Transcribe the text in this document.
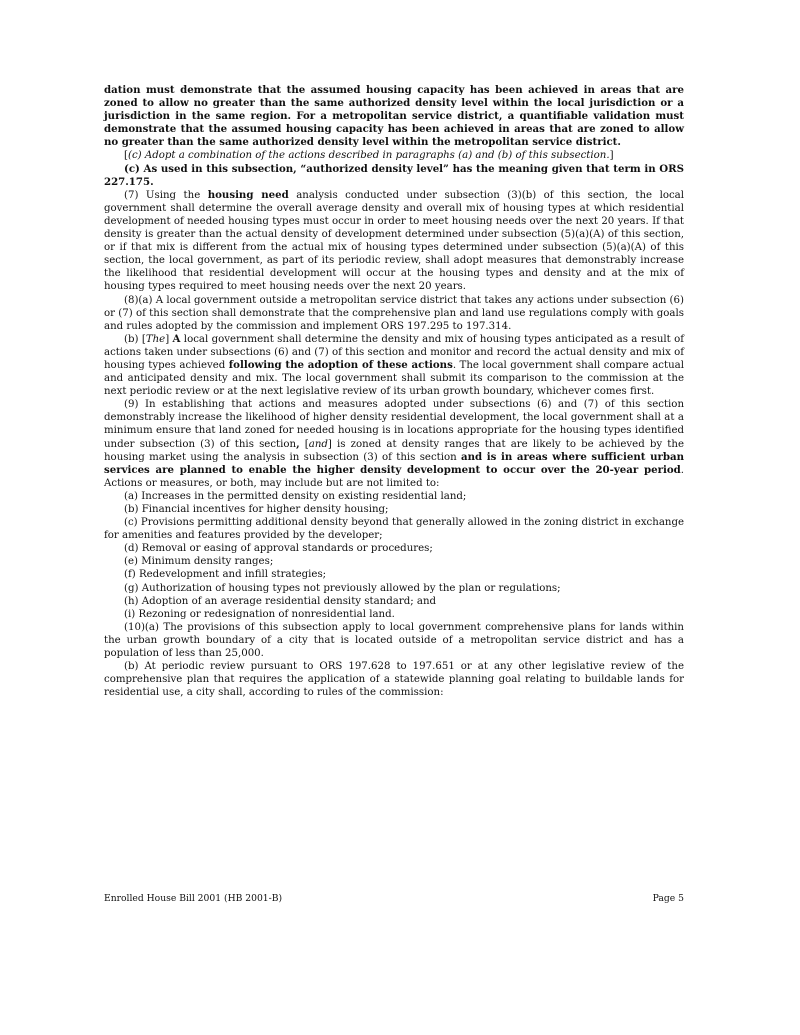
dation must demonstrate that the assumed housing capacity has been achieved in areas that are zoned to allow no greater than the same authorized density level within the local jurisdiction or a jurisdiction in the same region. For a metropolitan service district, a quantifiable validation must demonstrate that the assumed housing capacity has been achieved in areas that are zoned to allow no greater than the same authorized density level within the metropolitan service district.

[(c) Adopt a combination of the actions described in paragraphs (a) and (b) of this subsection.]

(c) As used in this subsection, “authorized density level” has the meaning given that term in ORS 227.175.

(7) Using the housing need analysis conducted under subsection (3)(b) of this section, the local government shall determine the overall average density and overall mix of housing types at which residential development of needed housing types must occur in order to meet housing needs over the next 20 years. If that density is greater than the actual density of development determined under subsection (5)(a)(A) of this section, or if that mix is different from the actual mix of housing types determined under subsection (5)(a)(A) of this section, the local government, as part of its periodic review, shall adopt measures that demonstrably increase the likelihood that residential development will occur at the housing types and density and at the mix of housing types required to meet housing needs over the next 20 years.

(8)(a) A local government outside a metropolitan service district that takes any actions under subsection (6) or (7) of this section shall demonstrate that the comprehensive plan and land use regulations comply with goals and rules adopted by the commission and implement ORS 197.295 to 197.314.

(b) [The] A local government shall determine the density and mix of housing types anticipated as a result of actions taken under subsections (6) and (7) of this section and monitor and record the actual density and mix of housing types achieved following the adoption of these actions. The local government shall compare actual and anticipated density and mix. The local government shall submit its comparison to the commission at the next periodic review or at the next legislative review of its urban growth boundary, whichever comes first.

(9) In establishing that actions and measures adopted under subsections (6) and (7) of this section demonstrably increase the likelihood of higher density residential development, the local government shall at a minimum ensure that land zoned for needed housing is in locations appropriate for the housing types identified under subsection (3) of this section, [and] is zoned at density ranges that are likely to be achieved by the housing market using the analysis in subsection (3) of this section and is in areas where sufficient urban services are planned to enable the higher density development to occur over the 20-year period. Actions or measures, or both, may include but are not limited to:

(a) Increases in the permitted density on existing residential land;

(b) Financial incentives for higher density housing;

(c) Provisions permitting additional density beyond that generally allowed in the zoning district in exchange for amenities and features provided by the developer;

(d) Removal or easing of approval standards or procedures;

(e) Minimum density ranges;

(f) Redevelopment and infill strategies;

(g) Authorization of housing types not previously allowed by the plan or regulations;

(h) Adoption of an average residential density standard; and

(i) Rezoning or redesignation of nonresidential land.

(10)(a) The provisions of this subsection apply to local government comprehensive plans for lands within the urban growth boundary of a city that is located outside of a metropolitan service district and has a population of less than 25,000.

(b) At periodic review pursuant to ORS 197.628 to 197.651 or at any other legislative review of the comprehensive plan that requires the application of a statewide planning goal relating to buildable lands for residential use, a city shall, according to rules of the commission:

Enrolled House Bill 2001 (HB 2001-B)	Page 5
